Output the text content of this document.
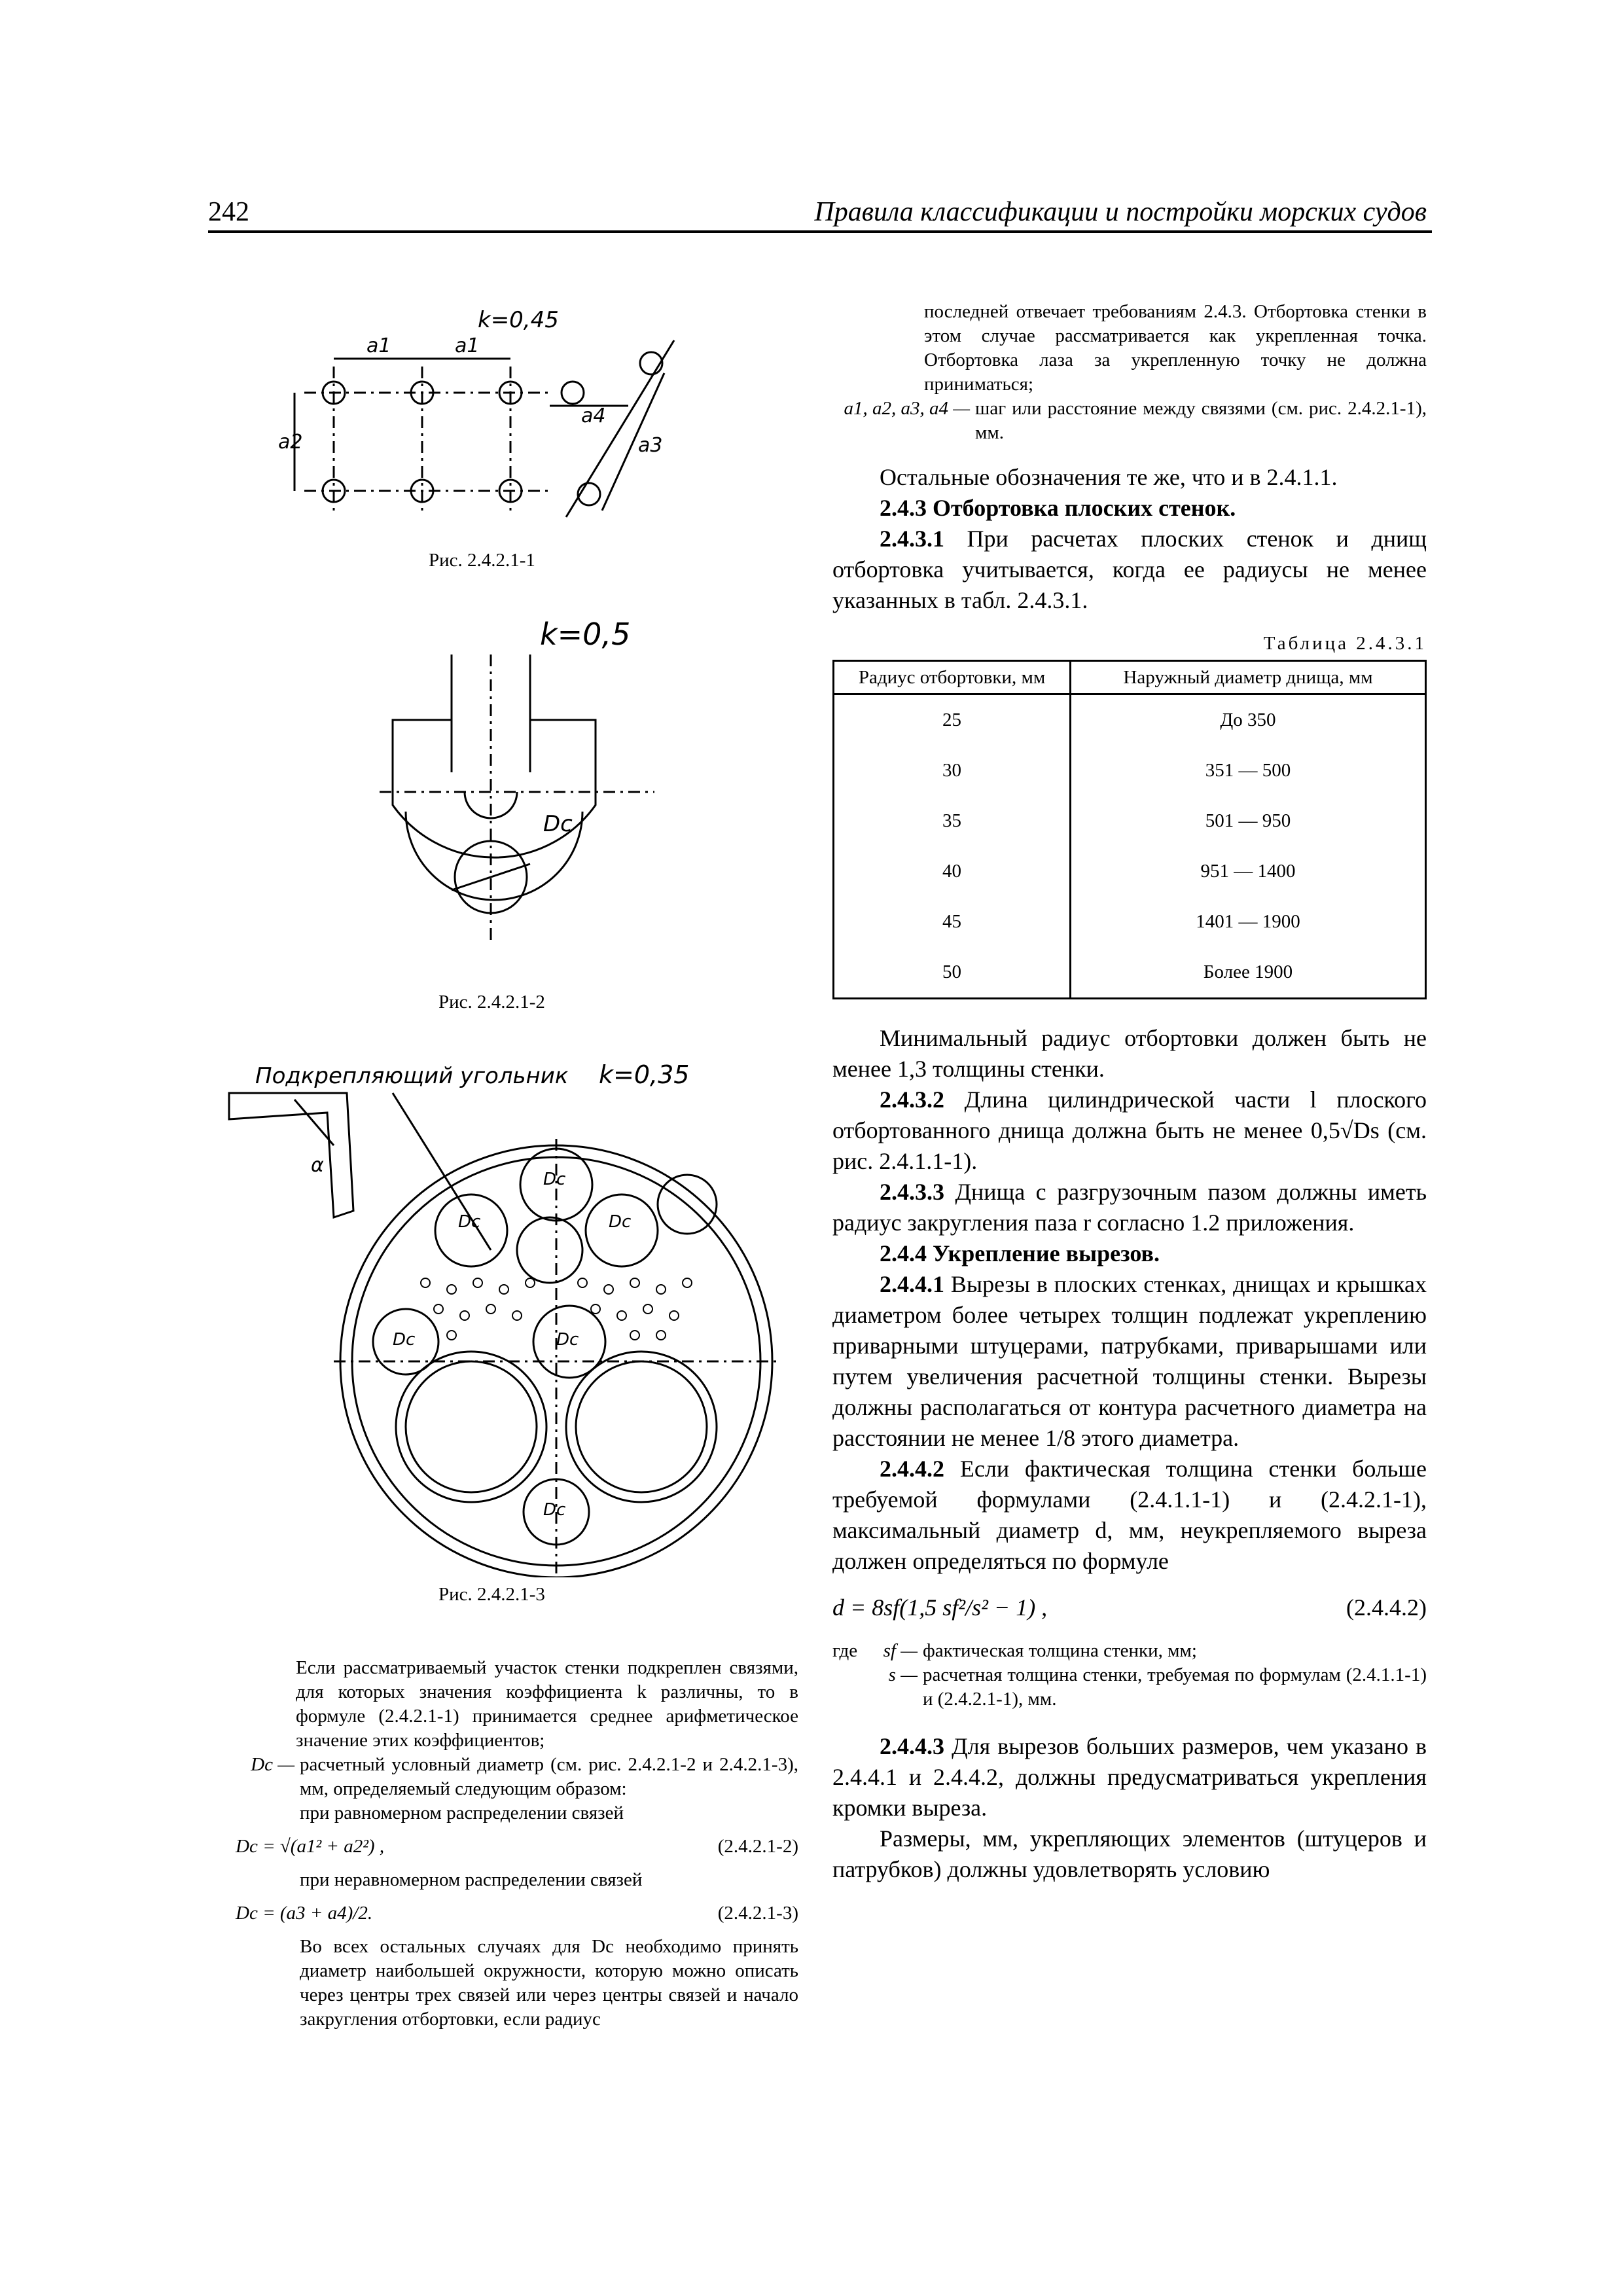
242	Правила классификации и постройки морских судов
k=0,45
a1	a1
a2
a4
a3
Рис. 2.4.2.1-1
k=0,5
Dc
Рис. 2.4.2.1-2
Подкрепляющий угольник k=0,35
α
Dc
Dc
Dc
Dc
Dc
Dc
Рис. 2.4.2.1-3

Если рассматриваемый участок стенки подкреплен связями, для которых значения коэффициента k различны, то в формуле (2.4.2.1-1) принимается среднее арифметическое значение этих коэффициентов;

Dc — расчетный условный диаметр (см. рис. 2.4.2.1-2 и 2.4.2.1-3), мм, определяемый следующим образом:

при равномерном распределении связей

Dc = √(a1² + a2²) ,	(2.4.2.1-2)

при неравномерном распределении связей

Dc = (a3 + a4)/2.	(2.4.2.1-3)

Во всех остальных случаях для Dc необходимо принять диаметр наибольшей окружности, которую можно описать через центры трех связей или через центры связей и начало закругления отбортовки, если радиус

последней отвечает требованиям 2.4.3. Отбортовка стенки в этом случае рассматривается как укрепленная точка. Отбортовка лаза за укрепленную точку не должна приниматься;

a1, a2, a3, a4 — шаг или расстояние между связями (см. рис. 2.4.2.1-1), мм.

Остальные обозначения те же, что и в 2.4.1.1.

2.4.3 Отбортовка плоских стенок.

2.4.3.1 При расчетах плоских стенок и днищ отбортовка учитывается, когда ее радиусы не менее указанных в табл. 2.4.3.1.

Таблица 2.4.3.1
Радиус отбортовки, мм	Наружный диаметр днища, мм
25	До 350
30	351 — 500
35	501 — 950
40	951 — 1400
45	1401 — 1900
50	Более 1900

Минимальный радиус отбортовки должен быть не менее 1,3 толщины стенки.

2.4.3.2 Длина цилиндрической части l плоского отбортованного днища должна быть не менее 0,5√Ds (см. рис. 2.4.1.1-1).

2.4.3.3 Днища с разгрузочным пазом должны иметь радиус закругления паза r согласно 1.2 приложения.

2.4.4 Укрепление вырезов.

2.4.4.1 Вырезы в плоских стенках, днищах и крышках диаметром более четырех толщин подлежат укреплению приварными штуцерами, патрубками, приварышами или путем увеличения расчетной толщины стенки. Вырезы должны располагаться от контура расчетного диаметра на расстоянии не менее 1/8 этого диаметра.

2.4.4.2 Если фактическая толщина стенки больше требуемой формулами (2.4.1.1-1) и (2.4.2.1-1), максимальный диаметр d, мм, неукрепляемого выреза должен определяться по формуле

d = 8sf(1,5 sf²/s² − 1) ,	(2.4.4.2)
где	sf — фактическая толщина стенки, мм;
s — расчетная толщина стенки, требуемая по формулам (2.4.1.1-1) и (2.4.2.1-1), мм.

2.4.4.3 Для вырезов больших размеров, чем указано в 2.4.4.1 и 2.4.4.2, должны предусматриваться укрепления кромки выреза.

Размеры, мм, укрепляющих элементов (штуцеров и патрубков) должны удовлетворять условию
